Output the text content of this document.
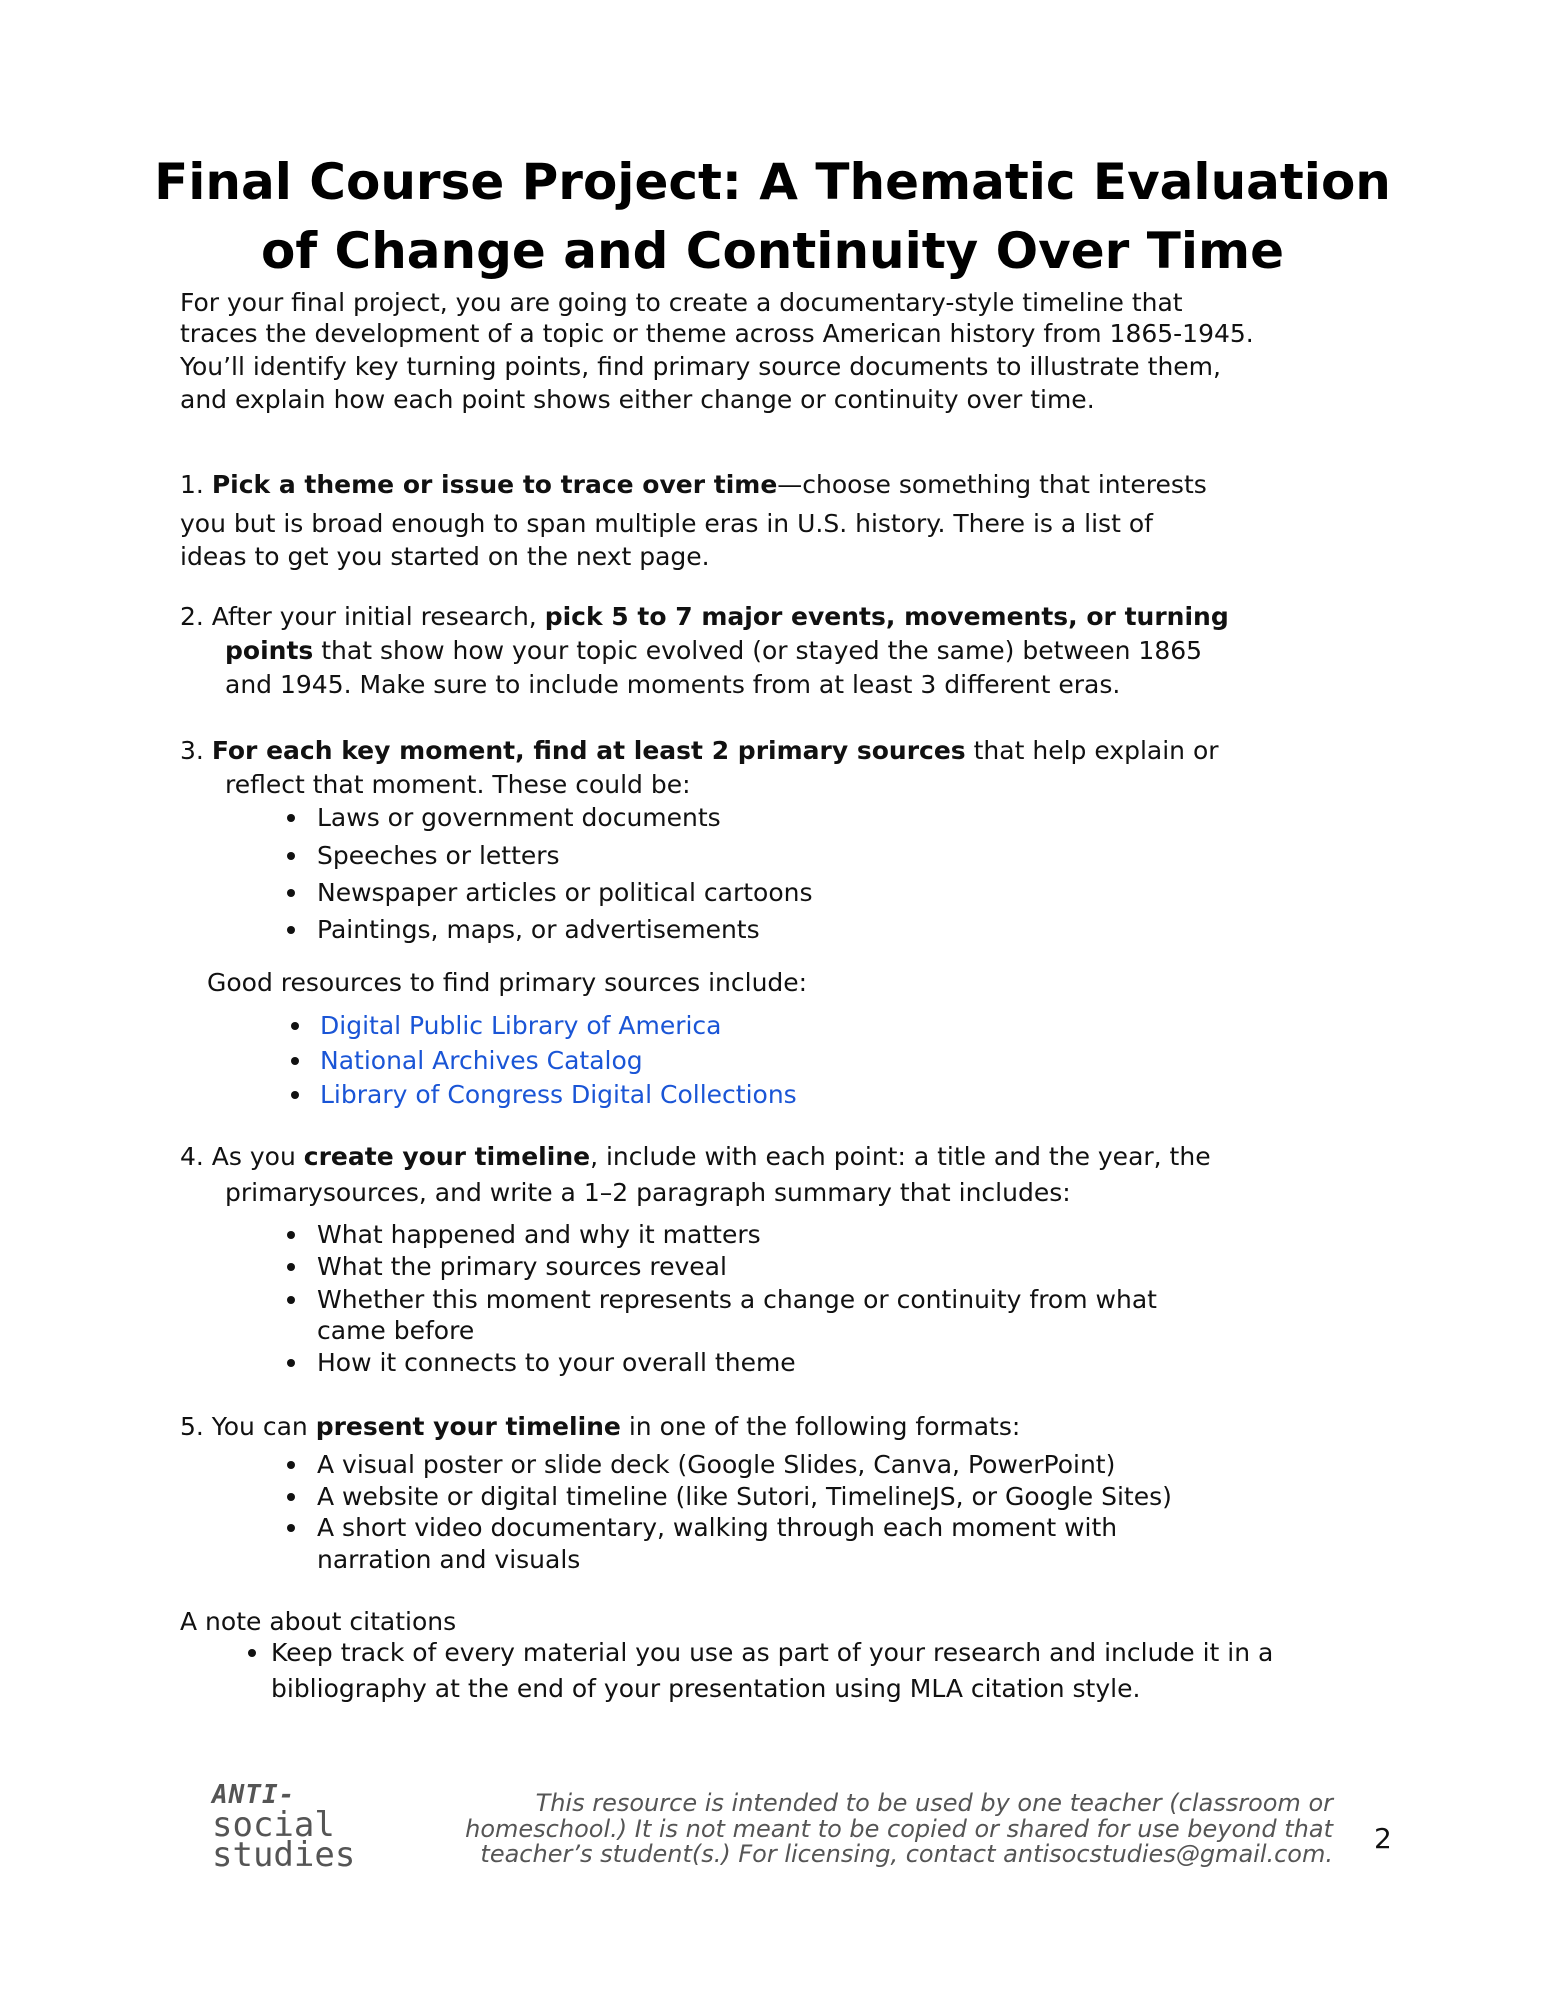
Final Course Project: A Thematic Evaluation
of Change and Continuity Over Time
For your final project, you are going to create a documentary-style timeline that
traces the development of a topic or theme across American history from 1865-1945.
You’ll identify key turning points, find primary source documents to illustrate them,
and explain how each point shows either change or continuity over time.
1. Pick a theme or issue to trace over time—choose something that interests
you but is broad enough to span multiple eras in U.S. history. There is a list of
ideas to get you started on the next page.
2. After your initial research, pick 5 to 7 major events, movements, or turning
points that show how your topic evolved (or stayed the same) between 1865
and 1945. Make sure to include moments from at least 3 different eras.
3. For each key moment, find at least 2 primary sources that help explain or
reflect that moment. These could be:
Laws or government documents
Speeches or letters
Newspaper articles or political cartoons
Paintings, maps, or advertisements
Good resources to find primary sources include:
Digital Public Library of America
National Archives Catalog
Library of Congress Digital Collections
4. As you create your timeline, include with each point: a title and the year, the
primarysources, and write a 1–2 paragraph summary that includes:
What happened and why it matters
What the primary sources reveal
Whether this moment represents a change or continuity from what
came before
How it connects to your overall theme
5. You can present your timeline in one of the following formats:
A visual poster or slide deck (Google Slides, Canva, PowerPoint)
A website or digital timeline (like Sutori, TimelineJS, or Google Sites)
A short video documentary, walking through each moment with
narration and visuals
A note about citations
Keep track of every material you use as part of your research and include it in a
bibliography at the end of your presentation using MLA citation style.
ANTI-
social
studies
This resource is intended to be used by one teacher (classroom or
homeschool.) It is not meant to be copied or shared for use beyond that
teacher’s student(s.) For licensing, contact antisocstudies@gmail.com. 2
